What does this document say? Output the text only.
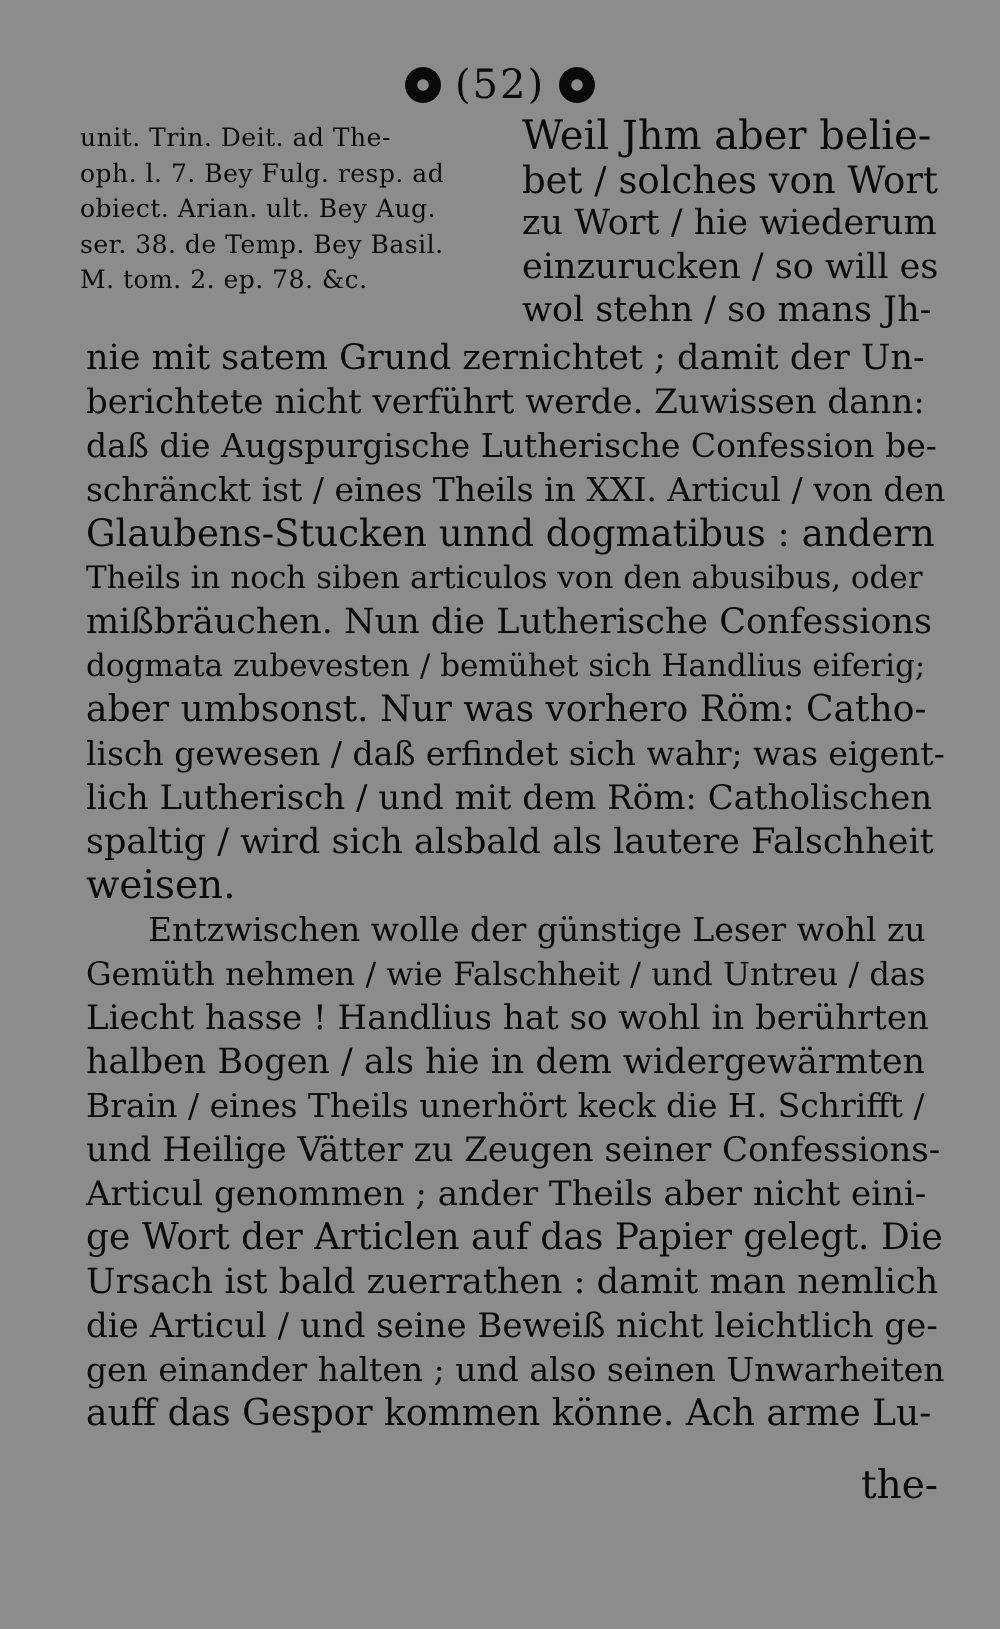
(52)
unit. Trin. Deit. ad The-
oph. l. 7. Bey Fulg. resp. ad
obiect. Arian. ult. Bey Aug.
ser. 38. de Temp. Bey Basil.
M. tom. 2. ep. 78. &c.
Weil Jhm aber belie-
bet / solches von Wort
zu Wort / hie wiederum
einzurucken / so will es
wol stehn / so mans Jh-
nie mit satem Grund zernichtet ; damit der Un-
berichtete nicht verführt werde. Zuwissen dann:
daß die Augspurgische Lutherische Confession be-
schränckt ist / eines Theils in XXI. Articul / von den
Glaubens-Stucken unnd dogmatibus : andern
Theils in noch siben articulos von den abusibus, oder
mißbräuchen. Nun die Lutherische Confessions
dogmata zubevesten / bemühet sich Handlius eiferig;
aber umbsonst. Nur was vorhero Röm: Catho-
lisch gewesen / daß erfindet sich wahr; was eigent-
lich Lutherisch / und mit dem Röm: Catholischen
spaltig / wird sich alsbald als lautere Falschheit
weisen.
Entzwischen wolle der günstige Leser wohl zu
Gemüth nehmen / wie Falschheit / und Untreu / das
Liecht hasse ! Handlius hat so wohl in berührten
halben Bogen / als hie in dem widergewärmten
Brain / eines Theils unerhört keck die H. Schrifft /
und Heilige Vätter zu Zeugen seiner Confessions-
Articul genommen ; ander Theils aber nicht eini-
ge Wort der Articlen auf das Papier gelegt. Die
Ursach ist bald zuerrathen : damit man nemlich
die Articul / und seine Beweiß nicht leichtlich ge-
gen einander halten ; und also seinen Unwarheiten
auff das Gespor kommen könne. Ach arme Lu-
the-
